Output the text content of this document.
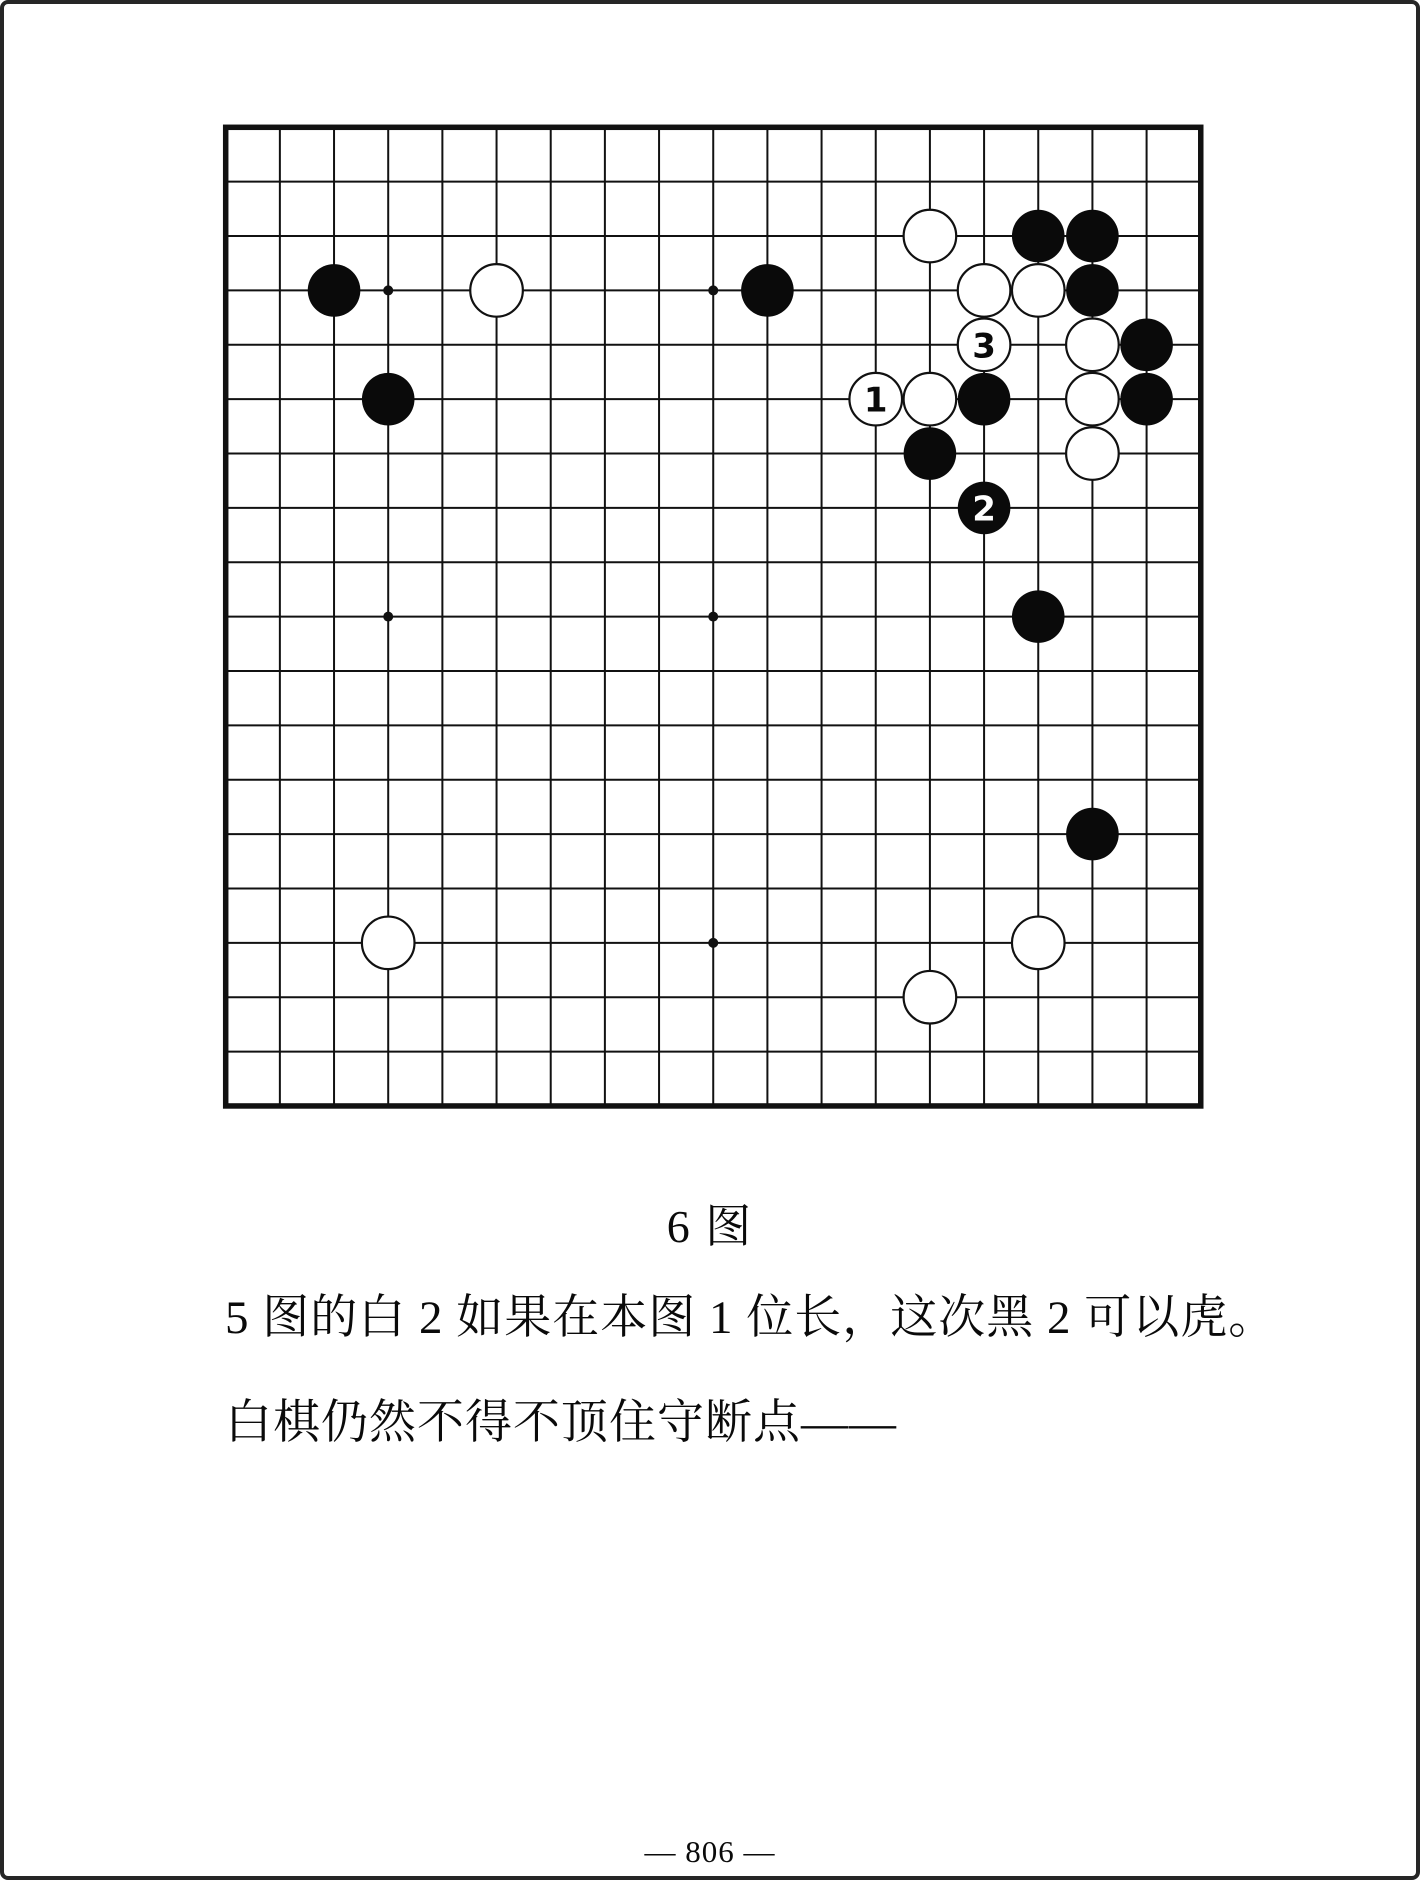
3
1
2
6 图
5 图的白 2 如果在本图 1 位长，这次黑 2 可以虎。
白棋仍然不得不顶住守断点——
— 806 —
